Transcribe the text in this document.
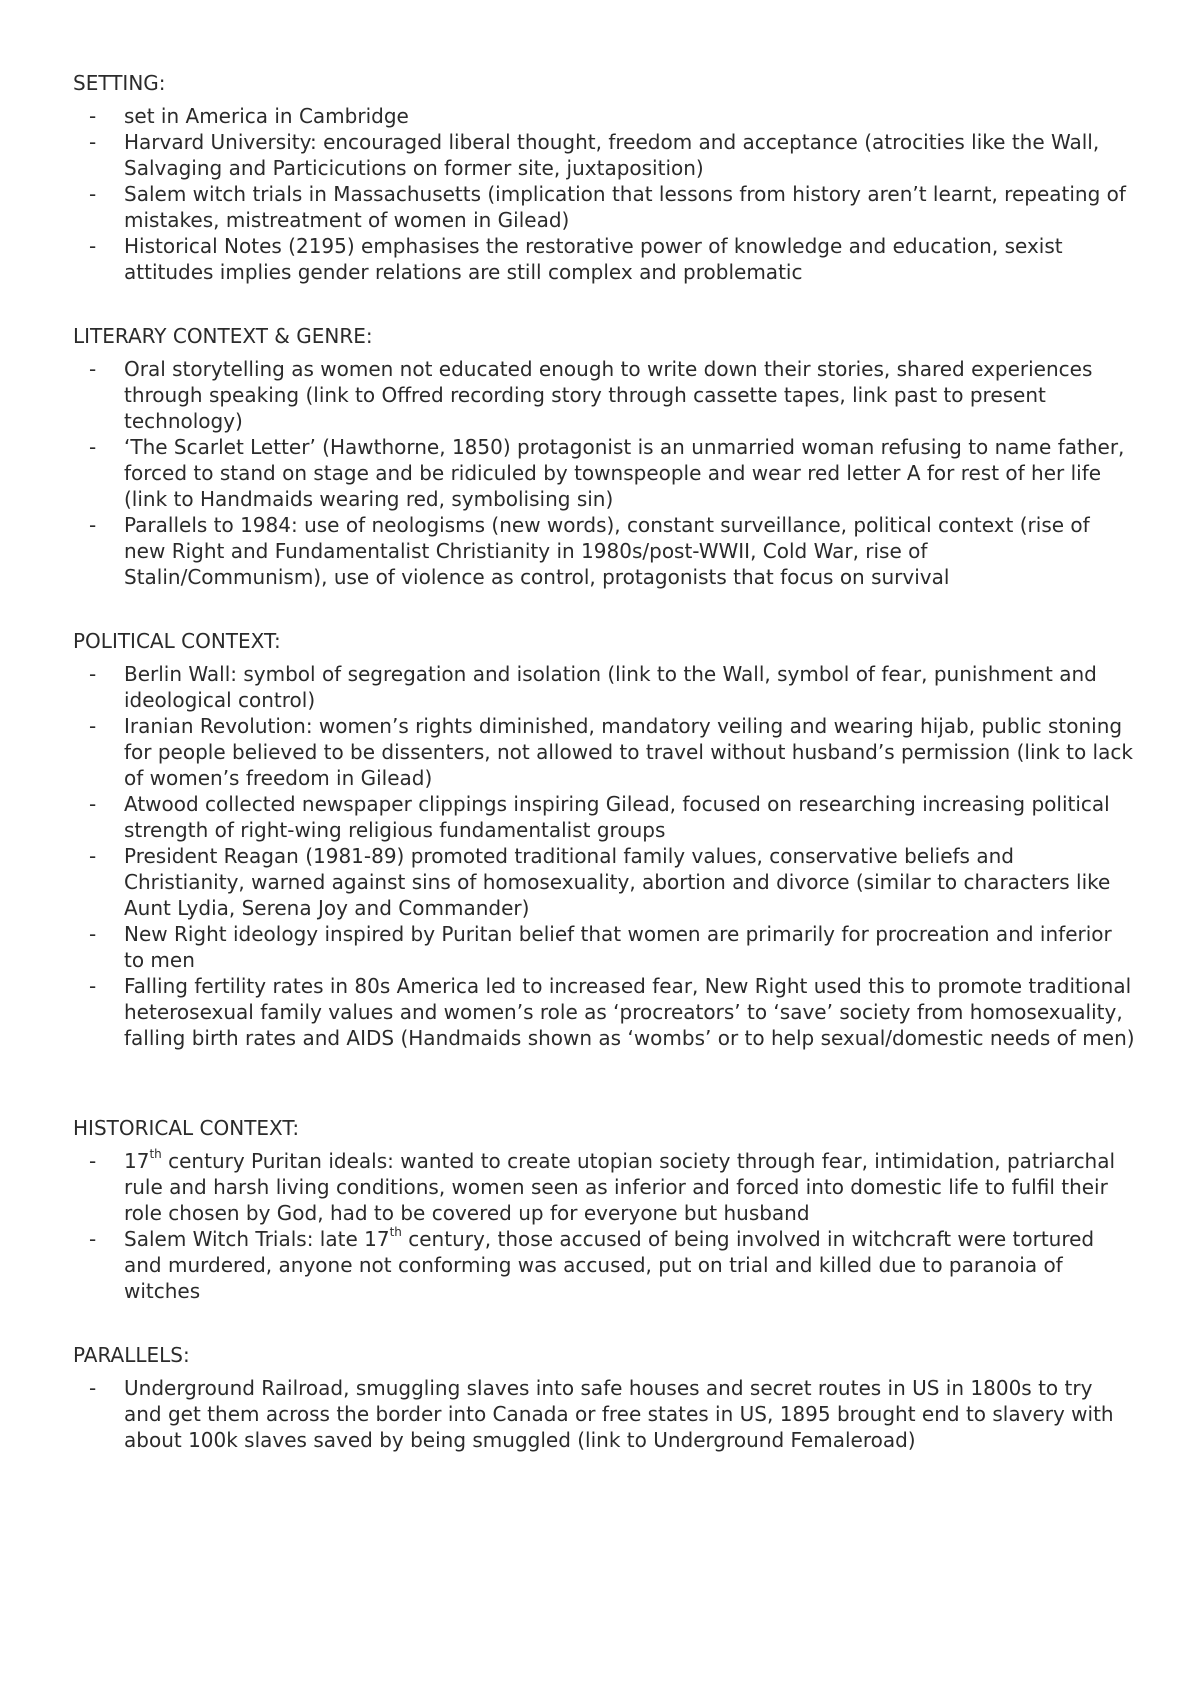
SETTING:
- set in America in Cambridge
- Harvard University: encouraged liberal thought, freedom and acceptance (atrocities like the Wall, Salvaging and Particicutions on former site, juxtaposition)
- Salem witch trials in Massachusetts (implication that lessons from history aren’t learnt, repeating of mistakes, mistreatment of women in Gilead)
- Historical Notes (2195) emphasises the restorative power of knowledge and education, sexist attitudes implies gender relations are still complex and problematic
LITERARY CONTEXT & GENRE:
- Oral storytelling as women not educated enough to write down their stories, shared experiences through speaking (link to Offred recording story through cassette tapes, link past to present technology)
- ‘The Scarlet Letter’ (Hawthorne, 1850) protagonist is an unmarried woman refusing to name father, forced to stand on stage and be ridiculed by townspeople and wear red letter A for rest of her life (link to Handmaids wearing red, symbolising sin)
- Parallels to 1984: use of neologisms (new words), constant surveillance, political context (rise of new Right and Fundamentalist Christianity in 1980s/post-WWII, Cold War, rise of Stalin/Communism), use of violence as control, protagonists that focus on survival
POLITICAL CONTEXT:
- Berlin Wall: symbol of segregation and isolation (link to the Wall, symbol of fear, punishment and ideological control)
- Iranian Revolution: women’s rights diminished, mandatory veiling and wearing hijab, public stoning for people believed to be dissenters, not allowed to travel without husband’s permission (link to lack of women’s freedom in Gilead)
- Atwood collected newspaper clippings inspiring Gilead, focused on researching increasing political strength of right-wing religious fundamentalist groups
- President Reagan (1981-89) promoted traditional family values, conservative beliefs and Christianity, warned against sins of homosexuality, abortion and divorce (similar to characters like Aunt Lydia, Serena Joy and Commander)
- New Right ideology inspired by Puritan belief that women are primarily for procreation and inferior to men
- Falling fertility rates in 80s America led to increased fear, New Right used this to promote traditional heterosexual family values and women’s role as ‘procreators’ to ‘save’ society from homosexuality, falling birth rates and AIDS (Handmaids shown as ‘wombs’ or to help sexual/domestic needs of men)
HISTORICAL CONTEXT:
- 17th century Puritan ideals: wanted to create utopian society through fear, intimidation, patriarchal rule and harsh living conditions, women seen as inferior and forced into domestic life to fulfil their role chosen by God, had to be covered up for everyone but husband
- Salem Witch Trials: late 17th century, those accused of being involved in witchcraft were tortured and murdered, anyone not conforming was accused, put on trial and killed due to paranoia of witches
PARALLELS:
- Underground Railroad, smuggling slaves into safe houses and secret routes in US in 1800s to try and get them across the border into Canada or free states in US, 1895 brought end to slavery with about 100k slaves saved by being smuggled (link to Underground Femaleroad)
